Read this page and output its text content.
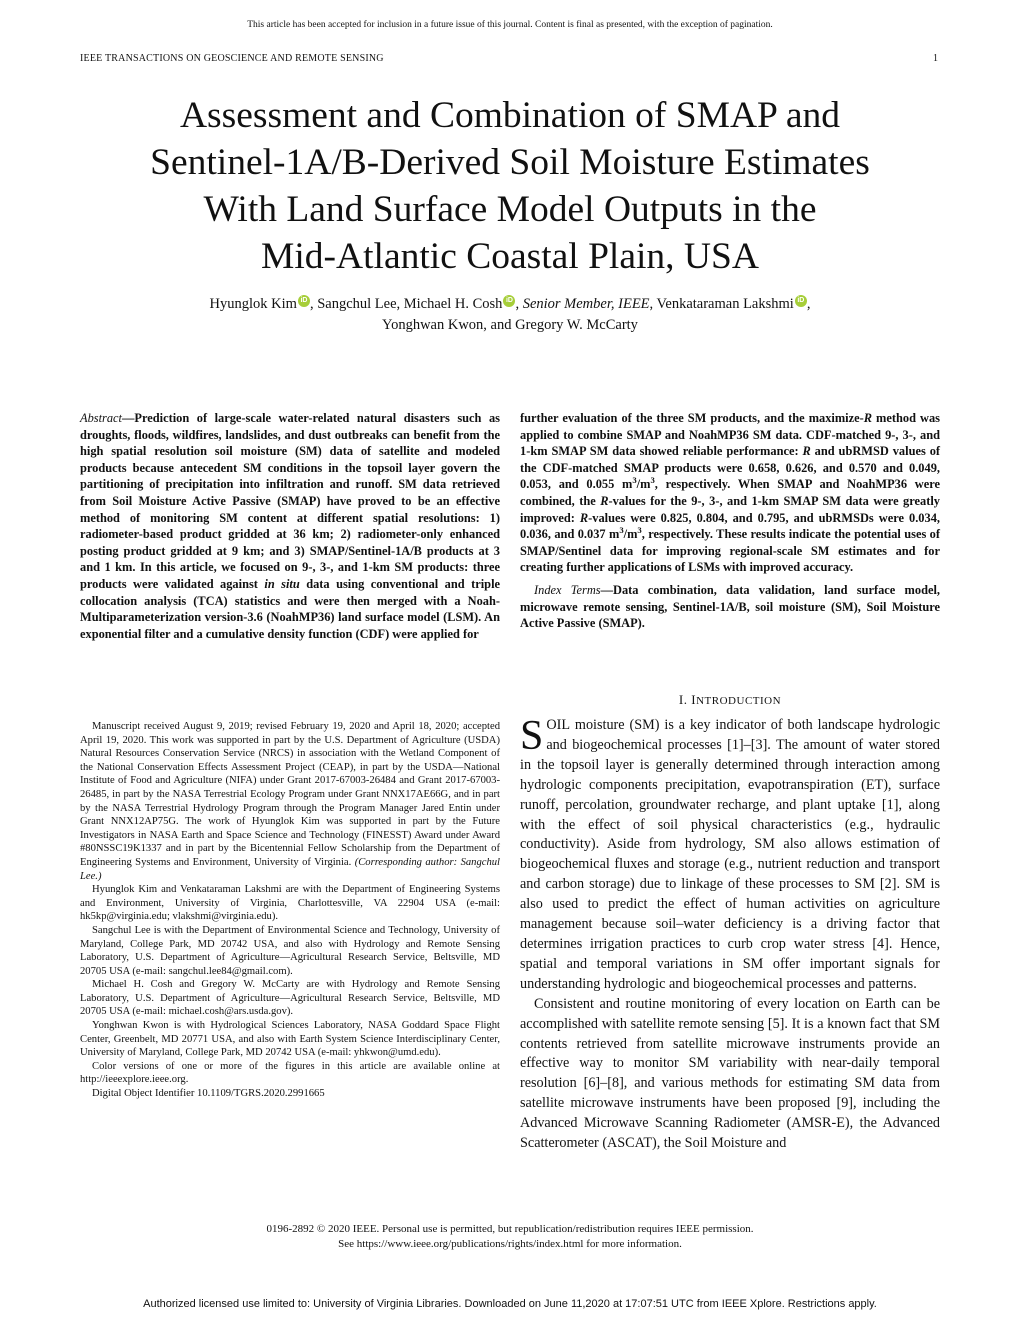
This article has been accepted for inclusion in a future issue of this journal. Content is final as presented, with the exception of pagination.
IEEE TRANSACTIONS ON GEOSCIENCE AND REMOTE SENSING	1
Assessment and Combination of SMAP and
Sentinel-1A/B-Derived Soil Moisture Estimates
With Land Surface Model Outputs in the
Mid-Atlantic Coastal Plain, USA
Hyunglok Kim iD , Sangchul Lee, Michael H. Cosh iD , Senior Member, IEEE, Venkataraman Lakshmi iD ,
Yonghwan Kwon, and Gregory W. McCarty
Abstract—Prediction of large-scale water-related natural disasters such as droughts, floods, wildfires, landslides, and dust outbreaks can benefit from the high spatial resolution soil moisture (SM) data of satellite and modeled products because antecedent SM conditions in the topsoil layer govern the partitioning of precipitation into infiltration and runoff. SM data retrieved from Soil Moisture Active Passive (SMAP) have proved to be an effective method of monitoring SM content at different spatial resolutions: 1) radiometer-based product gridded at 36 km; 2) radiometer-only enhanced posting product gridded at 9 km; and 3) SMAP/Sentinel-1A/B products at 3 and 1 km. In this article, we focused on 9-, 3-, and 1-km SM products: three products were validated against in situ data using conventional and triple collocation analysis (TCA) statistics and were then merged with a Noah-Multiparameterization version-3.6 (NoahMP36) land surface model (LSM). An exponential filter and a cumulative density function (CDF) were applied for

Manuscript received August 9, 2019; revised February 19, 2020 and April 18, 2020; accepted April 19, 2020. This work was supported in part by the U.S. Department of Agriculture (USDA) Natural Resources Conservation Service (NRCS) in association with the Wetland Component of the National Conservation Effects Assessment Project (CEAP), in part by the USDA—National Institute of Food and Agriculture (NIFA) under Grant 2017-67003-26484 and Grant 2017-67003-26485, in part by the NASA Terrestrial Ecology Program under Grant NNX17AE66G, and in part by the NASA Terrestrial Hydrology Program through the Program Manager Jared Entin under Grant NNX12AP75G. The work of Hyunglok Kim was supported in part by the Future Investigators in NASA Earth and Space Science and Technology (FINESST) Award under Award #80NSSC19K1337 and in part by the Bicentennial Fellow Scholarship from the Department of Engineering Systems and Environment, University of Virginia. (Corresponding author: Sangchul Lee.)

Hyunglok Kim and Venkataraman Lakshmi are with the Department of Engineering Systems and Environment, University of Virginia, Charlottesville, VA 22904 USA (e-mail: hk5kp@virginia.edu; vlakshmi@virginia.edu).

Sangchul Lee is with the Department of Environmental Science and Technology, University of Maryland, College Park, MD 20742 USA, and also with Hydrology and Remote Sensing Laboratory, U.S. Department of Agriculture—Agricultural Research Service, Beltsville, MD 20705 USA (e-mail: sangchul.lee84@gmail.com).

Michael H. Cosh and Gregory W. McCarty are with Hydrology and Remote Sensing Laboratory, U.S. Department of Agriculture—Agricultural Research Service, Beltsville, MD 20705 USA (e-mail: michael.cosh@ars.usda.gov).

Yonghwan Kwon is with Hydrological Sciences Laboratory, NASA Goddard Space Flight Center, Greenbelt, MD 20771 USA, and also with Earth System Science Interdisciplinary Center, University of Maryland, College Park, MD 20742 USA (e-mail: yhkwon@umd.edu).

Color versions of one or more of the figures in this article are available online at http://ieeexplore.ieee.org.

Digital Object Identifier 10.1109/TGRS.2020.2991665

further evaluation of the three SM products, and the maximize-R method was applied to combine SMAP and NoahMP36 SM data. CDF-matched 9-, 3-, and 1-km SMAP SM data showed reliable performance: R and ubRMSD values of the CDF-matched SMAP products were 0.658, 0.626, and 0.570 and 0.049, 0.053, and 0.055 $m^3/m^3$, respectively. When SMAP and NoahMP36 were combined, the R-values for the 9-, 3-, and 1-km SMAP SM data were greatly improved: R-values were 0.825, 0.804, and 0.795, and ubRMSDs were 0.034, 0.036, and 0.037 $m^3/m^3$, respectively. These results indicate the potential uses of SMAP/Sentinel data for improving regional-scale SM estimates and for creating further applications of LSMs with improved accuracy.
Index Terms—Data combination, data validation, land surface model, microwave remote sensing, Sentinel-1A/B, soil moisture (SM), Soil Moisture Active Passive (SMAP).
I. INTRODUCTION

SOIL moisture (SM) is a key indicator of both landscape hydrologic and biogeochemical processes [1]–[3]. The amount of water stored in the topsoil layer is generally determined through interaction among hydrologic components precipitation, evapotranspiration (ET), surface runoff, percolation, groundwater recharge, and plant uptake [1], along with the effect of soil physical characteristics (e.g., hydraulic conductivity). Aside from hydrology, SM also allows estimation of biogeochemical fluxes and storage (e.g., nutrient reduction and transport and carbon storage) due to linkage of these processes to SM [2]. SM is also used to predict the effect of human activities on agriculture management because soil–water deficiency is a driving factor that determines irrigation practices to curb crop water stress [4]. Hence, spatial and temporal variations in SM offer important signals for understanding hydrologic and biogeochemical processes and patterns.

Consistent and routine monitoring of every location on Earth can be accomplished with satellite remote sensing [5]. It is a known fact that SM contents retrieved from satellite microwave instruments provide an effective way to monitor SM variability with near-daily temporal resolution [6]–[8], and various methods for estimating SM data from satellite microwave instruments have been proposed [9], including the Advanced Microwave Scanning Radiometer (AMSR-E), the Advanced Scatterometer (ASCAT), the Soil Moisture and

0196-2892 © 2020 IEEE. Personal use is permitted, but republication/redistribution requires IEEE permission.
See https://www.ieee.org/publications/rights/index.html for more information.
Authorized licensed use limited to: University of Virginia Libraries. Downloaded on June 11,2020 at 17:07:51 UTC from IEEE Xplore. Restrictions apply.
